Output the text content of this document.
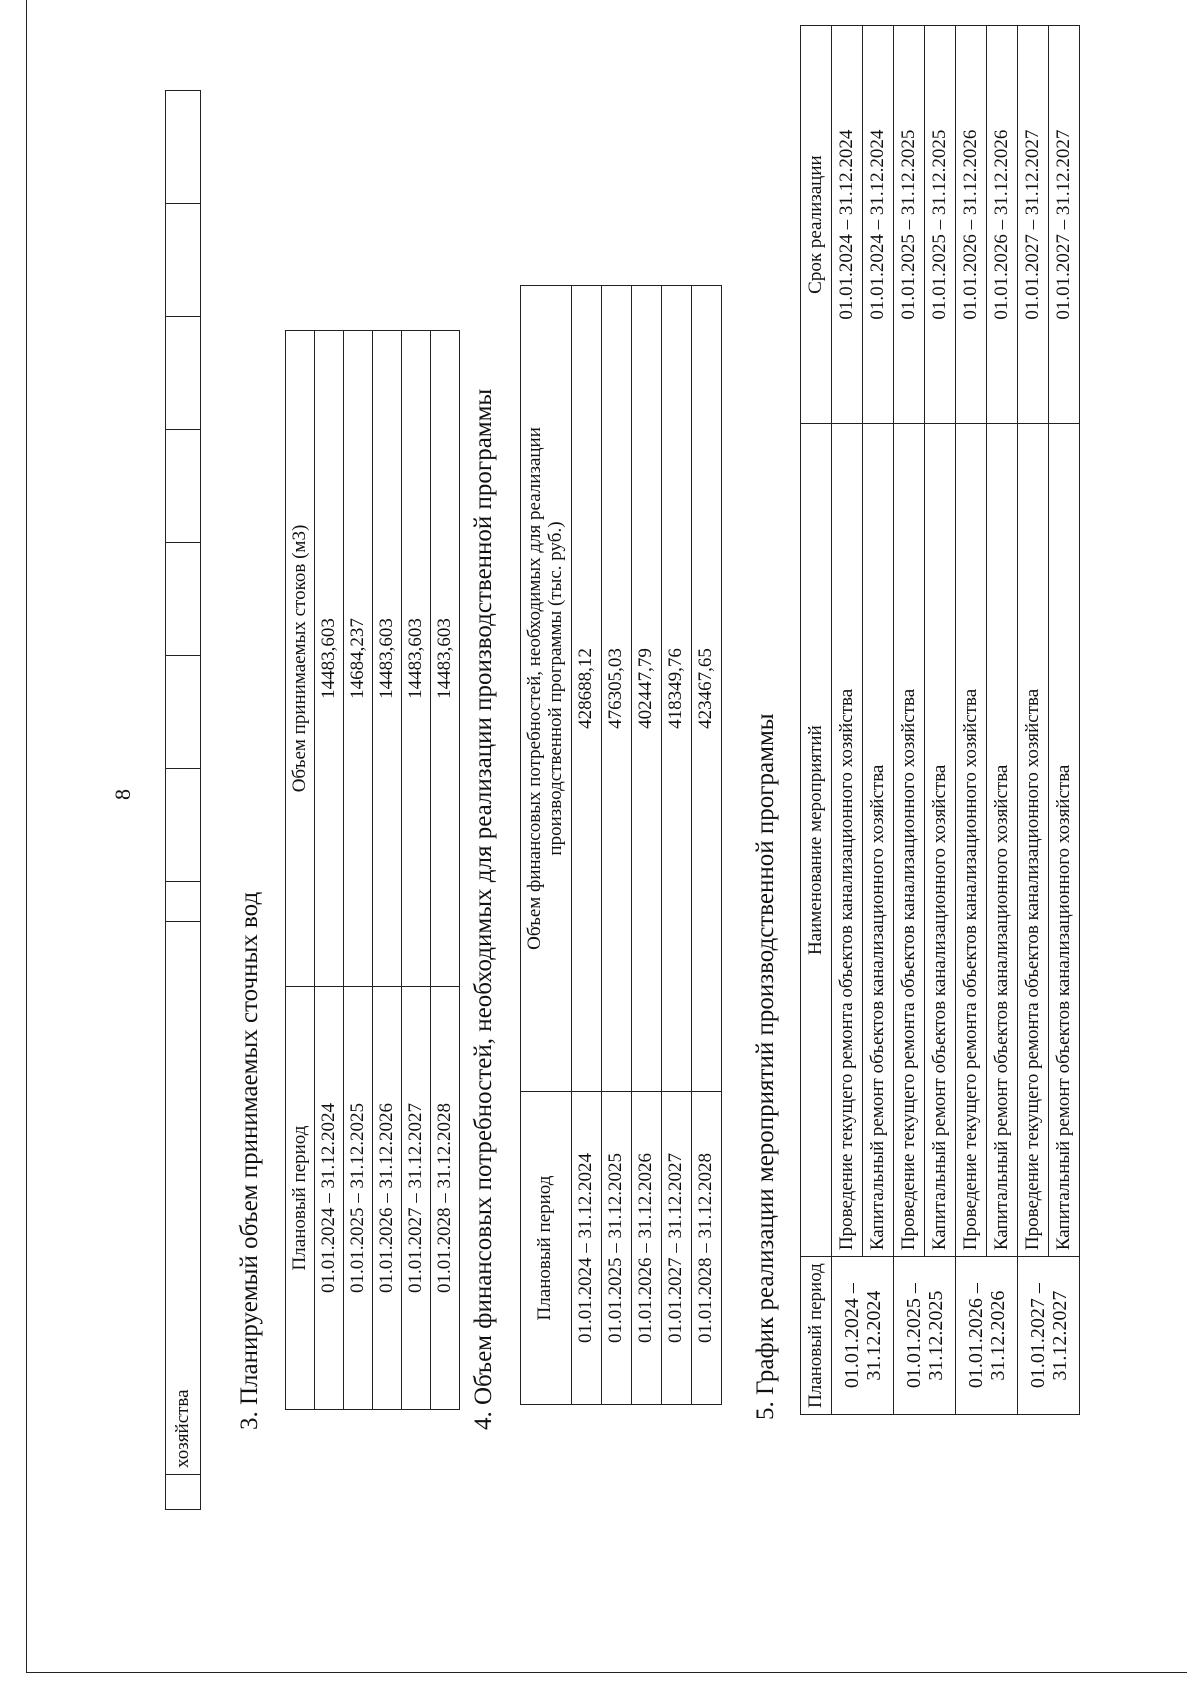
8
	хозяйства								3. Планируемый объем принимаемых сточных вод Плановый период	Объем принимаемых стоков (м3)
01.01.2024 – 31.12.2024	14483,603
01.01.2025 – 31.12.2025	14684,237
01.01.2026 – 31.12.2026	14483,603
01.01.2027 – 31.12.2027	14483,603
01.01.2028 – 31.12.2028	14483,603 4. Объем финансовых потребностей, необходимых для реализации производственной программы Плановый период	Объем финансовых потребностей, необходимых для реализации производственной программы (тыс. руб.)

01.01.2024 – 31.12.2024	428688,12
01.01.2025 – 31.12.2025	476305,03
01.01.2026 – 31.12.2026	402447,79
01.01.2027 – 31.12.2027	418349,76
01.01.2028 – 31.12.2028	423467,65
5. График реализации мероприятий производственной программы Плановый период	Наименование мероприятий	Срок реализации

01.01.2024 – 31.12.2024	Проведение текущего ремонта объектов канализационного хозяйства	01.01.2024 – 31.12.2024
	Капитальный ремонт объектов канализационного хозяйства	01.01.2024 – 31.12.2024

01.01.2025 – 31.12.2025	Проведение текущего ремонта объектов канализационного хозяйства	01.01.2025 – 31.12.2025
	Капитальный ремонт объектов канализационного хозяйства	01.01.2025 – 31.12.2025

01.01.2026 – 31.12.2026	Проведение текущего ремонта объектов канализационного хозяйства	01.01.2026 – 31.12.2026
	Капитальный ремонт объектов канализационного хозяйства	01.01.2026 – 31.12.2026

01.01.2027 – 31.12.2027	Проведение текущего ремонта объектов канализационного хозяйства	01.01.2027 – 31.12.2027
	Капитальный ремонт объектов канализационного хозяйства	01.01.2027 – 31.12.2027
